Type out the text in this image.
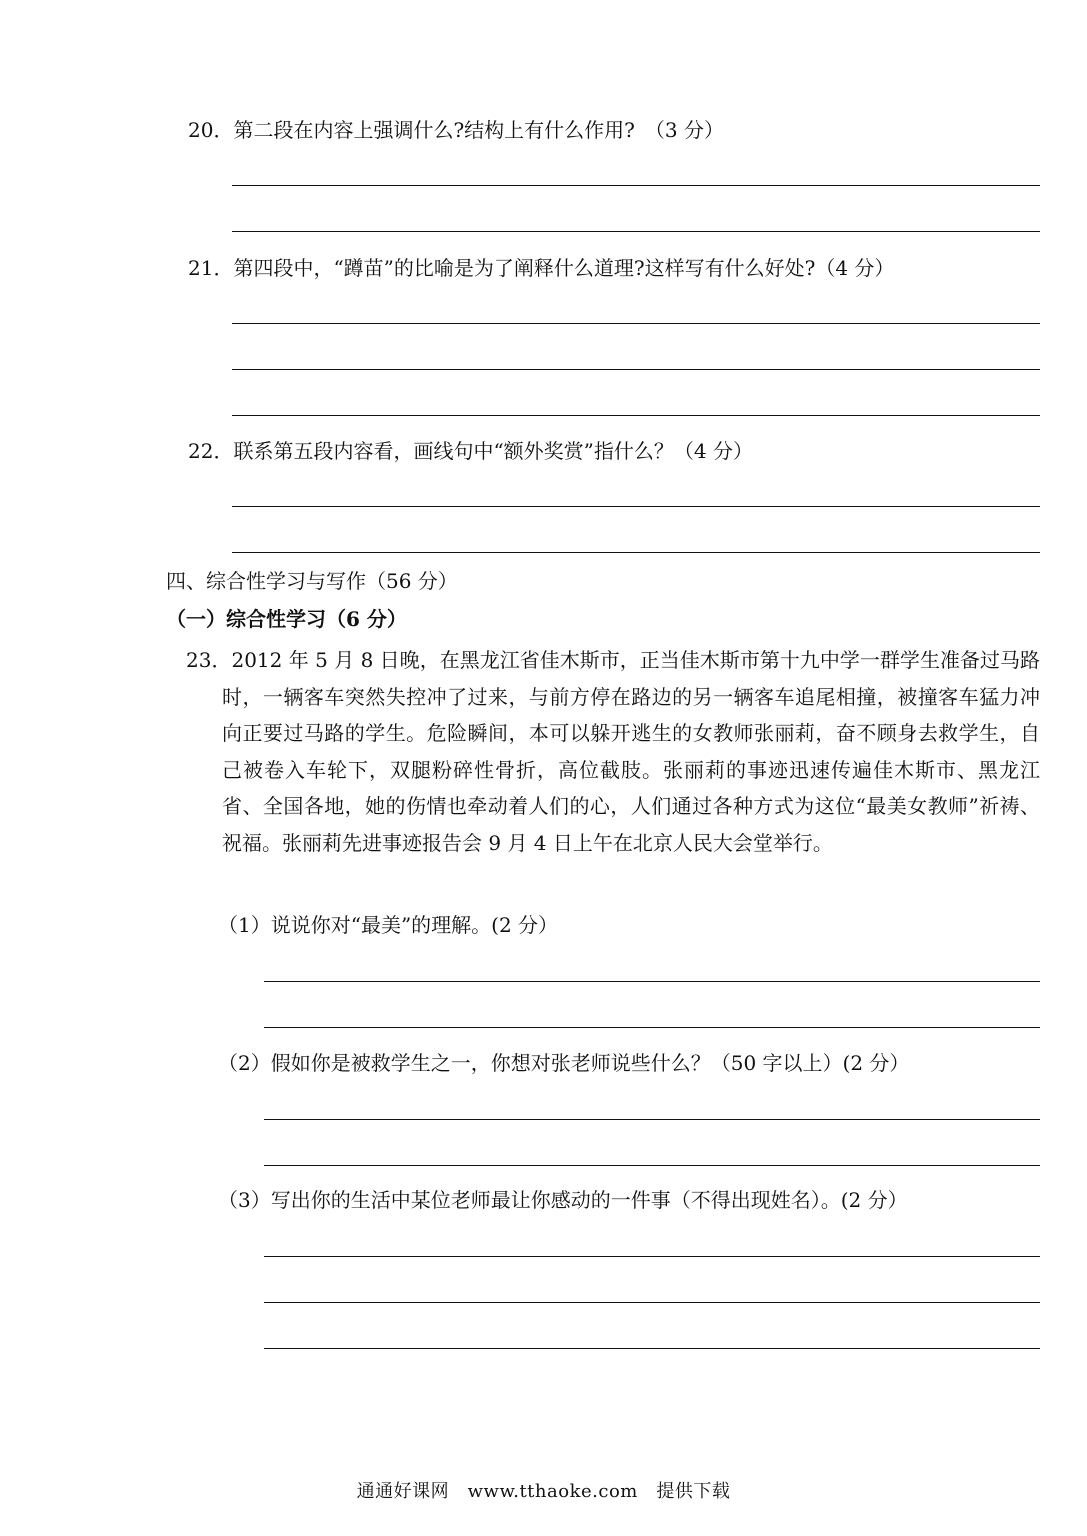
20．第二段在内容上强调什么?结构上有什么作用?　（3 分）
21．第四段中，“蹲苗”的比喻是为了阐释什么道理?这样写有什么好处?（4 分）
22．联系第五段内容看，画线句中“额外奖赏”指什么？（4 分）
四、综合性学习与写作（56 分）
（一）综合性学习（6 分）
23．2012 年 5 月 8 日晚，在黑龙江省佳木斯市，正当佳木斯市第十九中学一群学生准备过马路时，一辆客车突然失控冲了过来，与前方停在路边的另一辆客车追尾相撞，被撞客车猛力冲向正要过马路的学生。危险瞬间，本可以躲开逃生的女教师张丽莉，奋不顾身去救学生，自己被卷入车轮下，双腿粉碎性骨折，高位截肢。张丽莉的事迹迅速传遍佳木斯市、黑龙江省、全国各地，她的伤情也牵动着人们的心，人们通过各种方式为这位“最美女教师”祈祷、祝福。张丽莉先进事迹报告会 9 月 4 日上午在北京人民大会堂举行。
（1）说说你对“最美”的理解。(2 分）
（2）假如你是被救学生之一，你想对张老师说些什么？（50 字以上）(2 分）
（3）写出你的生活中某位老师最让你感动的一件事（不得出现姓名）。(2 分）
通通好课网　www.tthaoke.com　提供下载
